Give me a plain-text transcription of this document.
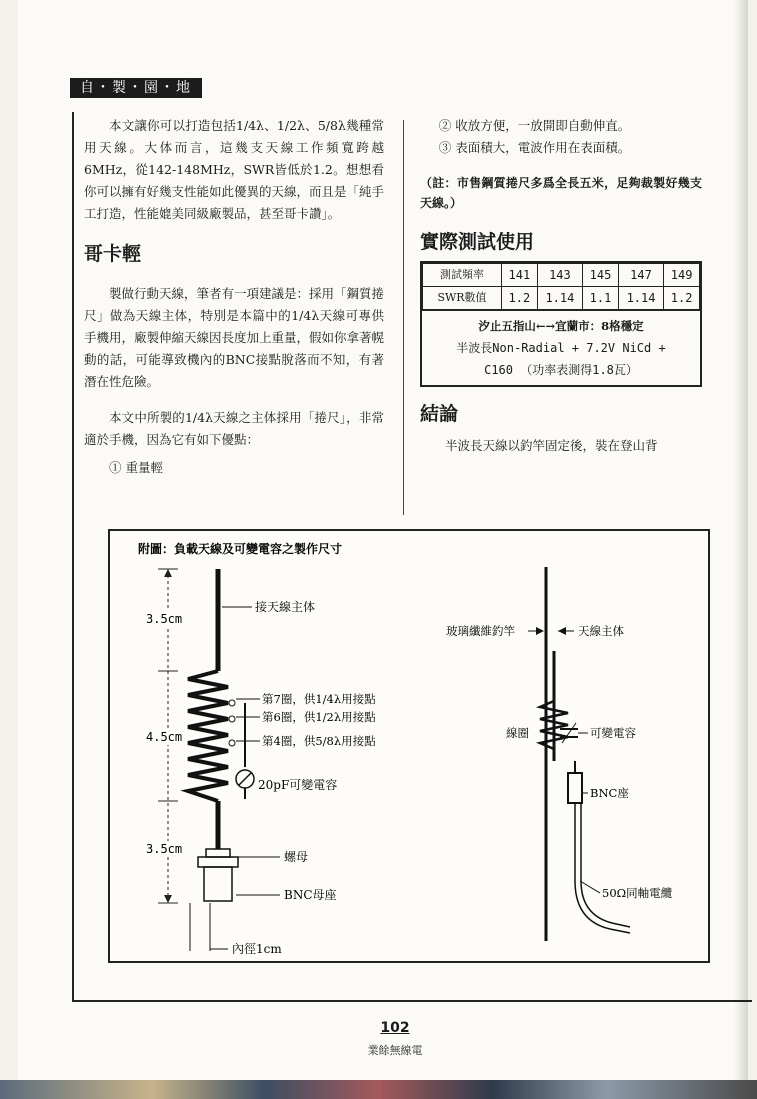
自・製・園・地

本文讓你可以打造包括1/4λ、1/2λ、5/8λ幾種常用天線。大体而言，這幾支天線工作頻寬跨越6MHz，從142-148MHz，SWR皆低於1.2。想想看你可以擁有好幾支性能如此優異的天線，而且是「純手工打造，性能媲美同級廠製品，甚至哥卡讚」。

哥卡輕

製做行動天線，筆者有一項建議是：採用「鋼質捲尺」做為天線主体，特別是本篇中的1/4λ天線可專供手機用，廠製伸縮天線因長度加上重量，假如你拿著幌動的話，可能導致機內的BNC接點脫落而不知，有著潛在性危險。

本文中所製的1/4λ天線之主体採用「捲尺」，非常適於手機，因為它有如下優點：

① 重量輕

② 收放方便，一放開即自動伸直。

③ 表面積大，電波作用在表面積。

（註：市售鋼質捲尺多爲全長五米，足夠裁製好幾支天線。）

實際測試使用

測試頻率	141	143	145	147	149
SWR數值	1.2	1.14	1.1	1.14	1.2
汐止五指山←→宜蘭市：8格穩定
半波長Non-Radial + 7.2V NiCd +
C160 （功率表測得1.8瓦）

結論

半波長天線以釣竿固定後，裝在登山背

附圖：負載天線及可變電容之製作尺寸
3.5cm
4.5cm
3.5cm
接天線主体
第7圈，供1/4λ用接點
第6圈，供1/2λ用接點
第4圈，供5/8λ用接點
20pF可變電容
螺母
BNC母座
內徑1cm
玻璃纖維釣竿	天線主体
線圈	可變電容
BNC座
50Ω同軸電纜
102
業餘無線電
